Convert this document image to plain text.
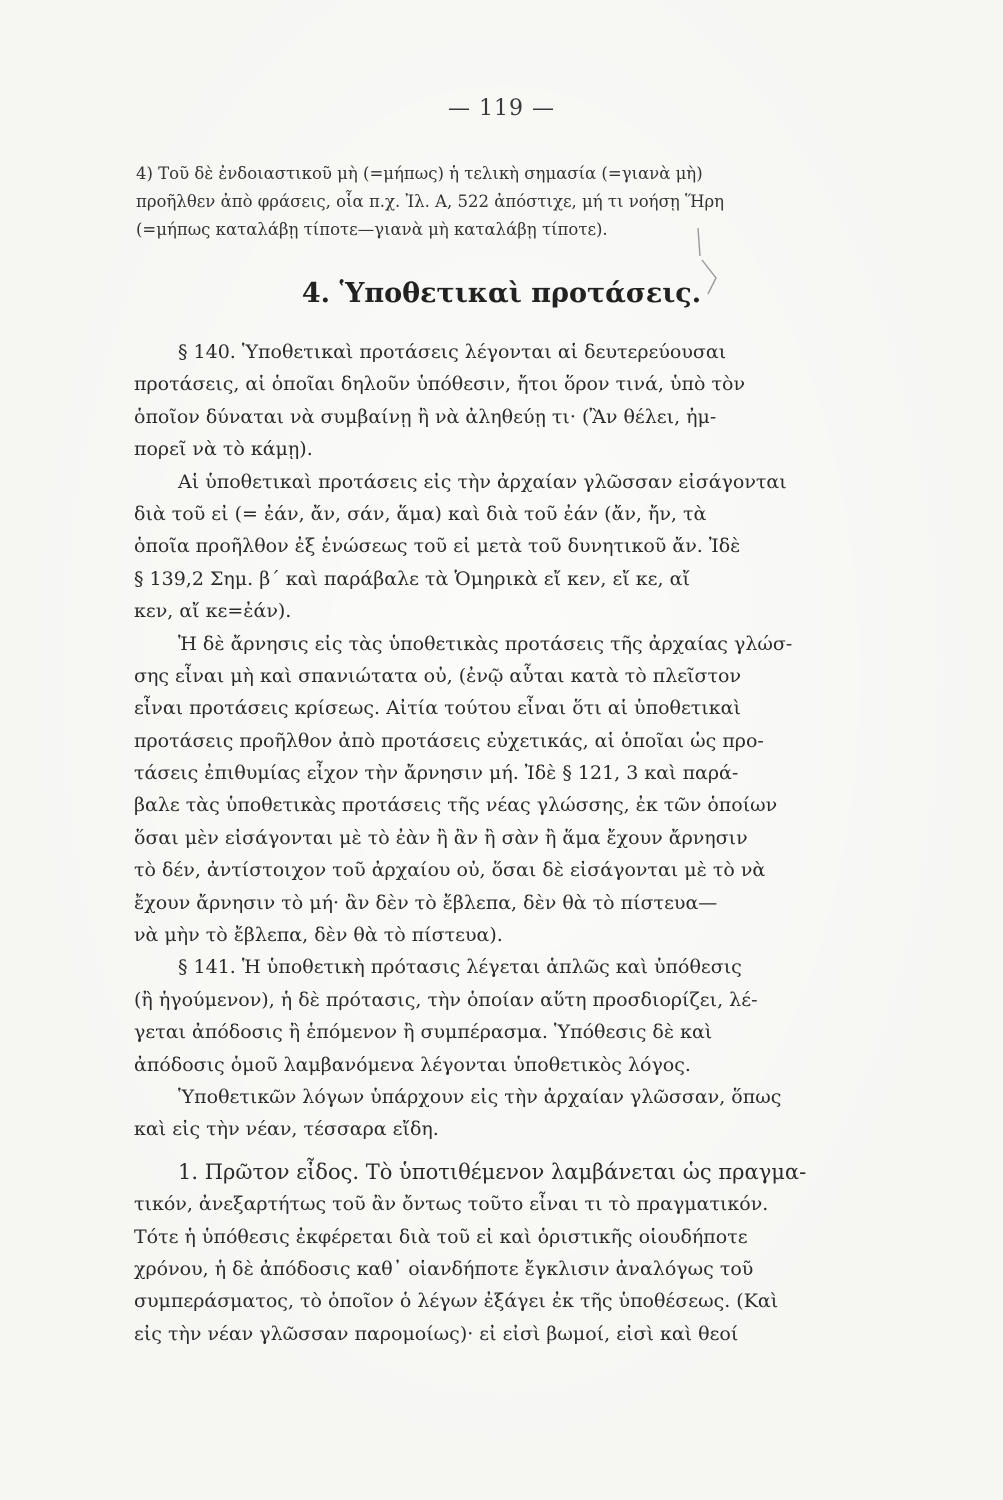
— 119 —
4) Τοῦ δὲ ἐνδοιαστικοῦ μὴ (=μήπως) ἡ τελικὴ σημασία (=γιανὰ μὴ)
προῆλθεν ἀπὸ φράσεις, οἷα π.χ. Ἰλ. Α, 522 ἀπόστιχε, μή τι νοήσῃ Ἥρη
(=μήπως καταλάβῃ τίποτε—γιανὰ μὴ καταλάβῃ τίποτε).
4. Ὑποθετικαὶ προτάσεις.
§ 140. Ὑποθετικαὶ προτάσεις λέγονται αἱ δευτερεύουσαι
προτάσεις, αἱ ὁποῖαι δηλοῦν ὑπόθεσιν, ἤτοι ὅρον τινά, ὑπὸ τὸν
ὁποῖον δύναται νὰ συμβαίνῃ ἢ νὰ ἀληθεύῃ τι· (Ἂν θέλει, ἠμ-
πορεῖ νὰ τὸ κάμῃ).
Αἱ ὑποθετικαὶ προτάσεις εἰς τὴν ἀρχαίαν γλῶσσαν εἰσάγονται
διὰ τοῦ εἰ (= ἐάν, ἄν, σάν, ἅμα) καὶ διὰ τοῦ ἐάν (ἄν, ἤν, τὰ
ὁποῖα προῆλθον ἐξ ἑνώσεως τοῦ εἰ μετὰ τοῦ δυνητικοῦ ἄν. Ἰδὲ
§ 139,2 Σημ. β´ καὶ παράβαλε τὰ Ὁμηρικὰ εἴ κεν, εἴ κε, αἴ
κεν, αἴ κε=ἐάν).
Ἡ δὲ ἄρνησις εἰς τὰς ὑποθετικὰς προτάσεις τῆς ἀρχαίας γλώσ-
σης εἶναι μὴ καὶ σπανιώτατα οὐ, (ἐνῷ αὗται κατὰ τὸ πλεῖστον
εἶναι προτάσεις κρίσεως. Αἰτία τούτου εἶναι ὅτι αἱ ὑποθετικαὶ
προτάσεις προῆλθον ἀπὸ προτάσεις εὐχετικάς, αἱ ὁποῖαι ὡς προ-
τάσεις ἐπιθυμίας εἶχον τὴν ἄρνησιν μή. Ἰδὲ § 121, 3 καὶ παρά-
βαλε τὰς ὑποθετικὰς προτάσεις τῆς νέας γλώσσης, ἐκ τῶν ὁποίων
ὅσαι μὲν εἰσάγονται μὲ τὸ ἐὰν ἢ ἂν ἢ σὰν ἢ ἅμα ἔχουν ἄρνησιν
τὸ δέν, ἀντίστοιχον τοῦ ἀρχαίου οὐ, ὅσαι δὲ εἰσάγονται μὲ τὸ νὰ
ἔχουν ἄρνησιν τὸ μή· ἂν δὲν τὸ ἔβλεπα, δὲν θὰ τὸ πίστευα—
νὰ μὴν τὸ ἔβλεπα, δὲν θὰ τὸ πίστευα).
§ 141. Ἡ ὑποθετικὴ πρότασις λέγεται ἁπλῶς καὶ ὑπόθεσις
(ἢ ἡγούμενον), ἡ δὲ πρότασις, τὴν ὁποίαν αὕτη προσδιορίζει, λέ-
γεται ἀπόδοσις ἢ ἑπόμενον ἢ συμπέρασμα. Ὑπόθεσις δὲ καὶ
ἀπόδοσις ὁμοῦ λαμβανόμενα λέγονται ὑποθετικὸς λόγος.
Ὑποθετικῶν λόγων ὑπάρχουν εἰς τὴν ἀρχαίαν γλῶσσαν, ὅπως
καὶ εἰς τὴν νέαν, τέσσαρα εἴδη.
1. Πρῶτον εἶδος. Τὸ ὑποτιθέμενον λαμβάνεται ὡς πραγμα-
τικόν, ἀνεξαρτήτως τοῦ ἂν ὄντως τοῦτο εἶναι τι τὸ πραγματικόν.
Τότε ἡ ὑπόθεσις ἐκφέρεται διὰ τοῦ εἰ καὶ ὁριστικῆς οἱουδήποτε
χρόνου, ἡ δὲ ἀπόδοσις καθ᾽ οἱανδήποτε ἔγκλισιν ἀναλόγως τοῦ
συμπεράσματος, τὸ ὁποῖον ὁ λέγων ἐξάγει ἐκ τῆς ὑποθέσεως. (Καὶ
εἰς τὴν νέαν γλῶσσαν παρομοίως)· εἰ εἰσὶ βωμοί, εἰσὶ καὶ θεοί
